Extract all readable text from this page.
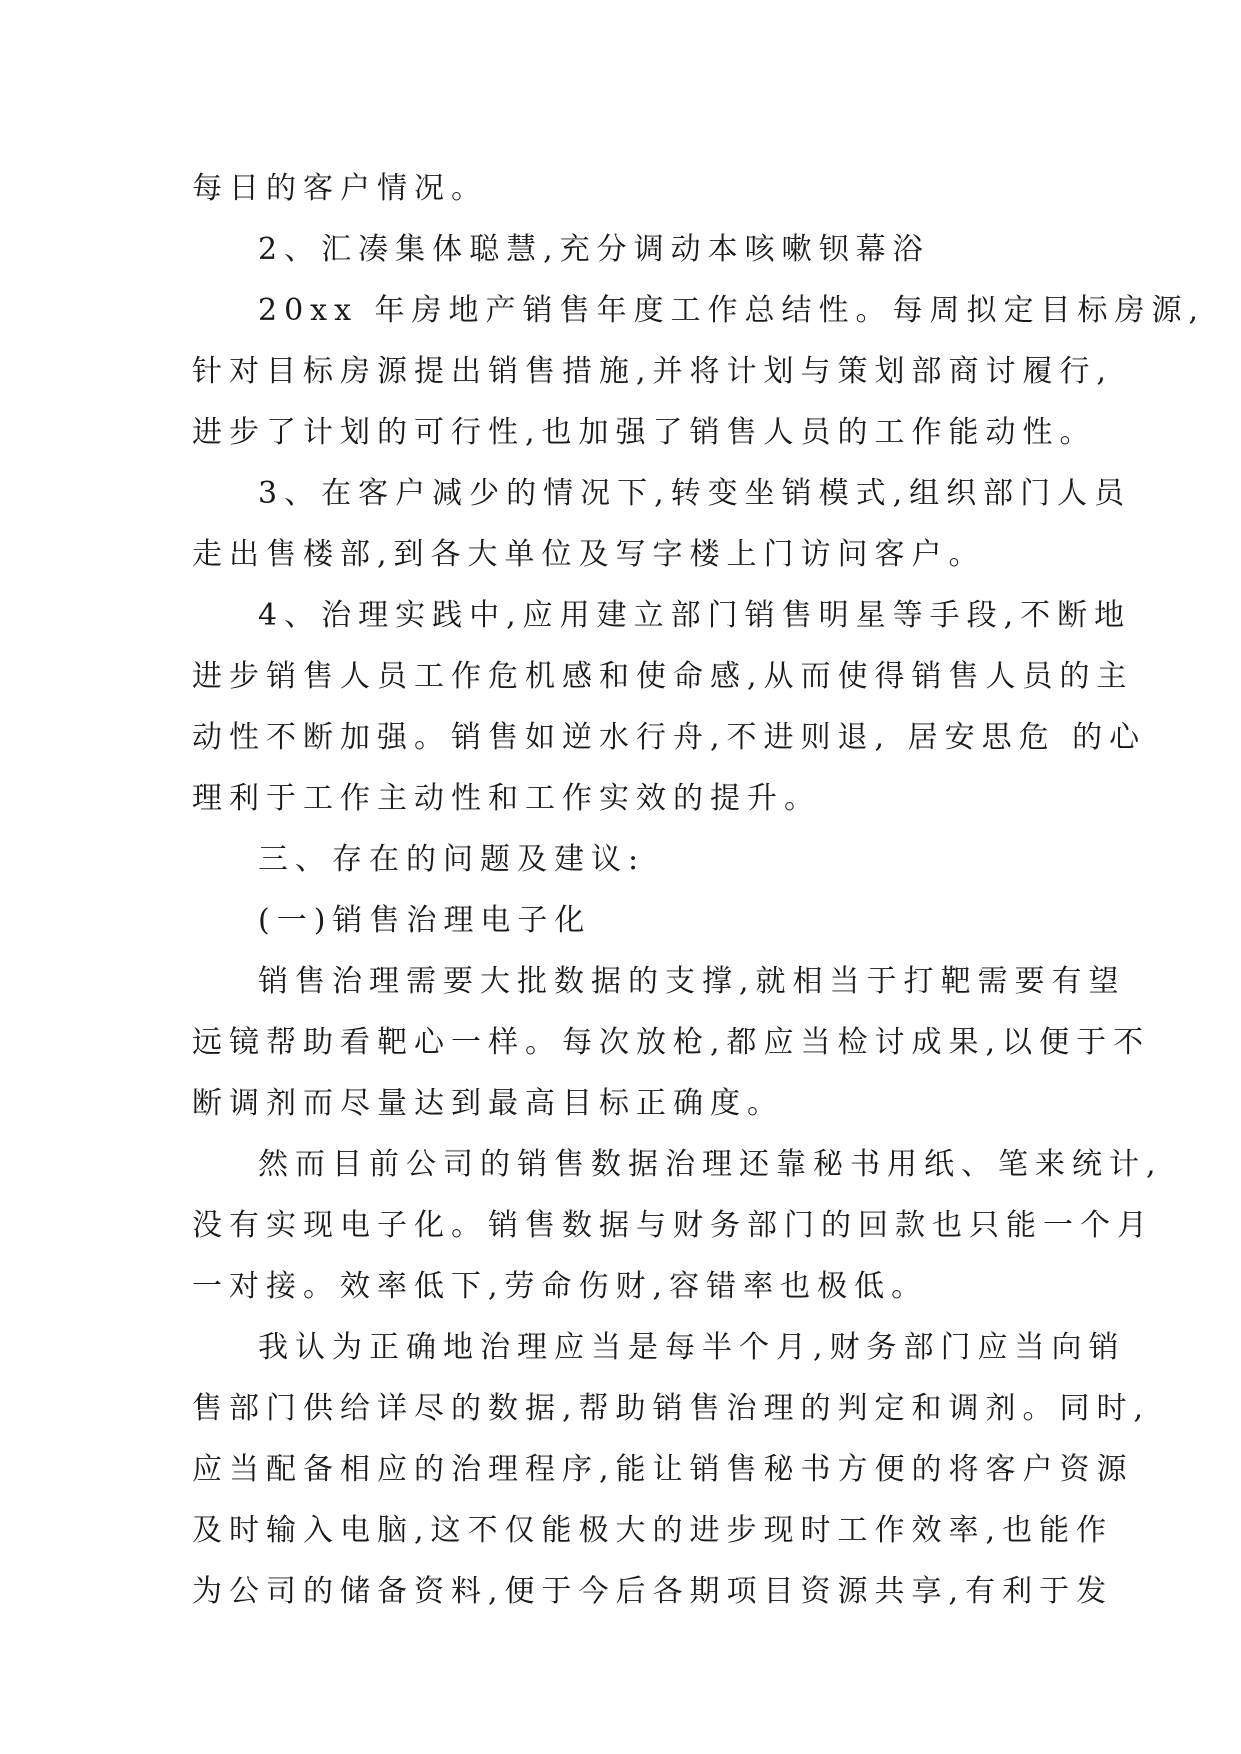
每日的客户情况。
2、汇凑集体聪慧,充分调动本咳嗽钡幕浴
20xx 年房地产销售年度工作总结性。每周拟定目标房源,
针对目标房源提出销售措施,并将计划与策划部商讨履行,
进步了计划的可行性,也加强了销售人员的工作能动性。
3、在客户减少的情况下,转变坐销模式,组织部门人员
走出售楼部,到各大单位及写字楼上门访问客户。
4、治理实践中,应用建立部门销售明星等手段,不断地
进步销售人员工作危机感和使命感,从而使得销售人员的主
动性不断加强。销售如逆水行舟,不进则退, 居安思危 的心
理利于工作主动性和工作实效的提升。
三、存在的问题及建议:
(一)销售治理电子化
销售治理需要大批数据的支撑,就相当于打靶需要有望
远镜帮助看靶心一样。每次放枪,都应当检讨成果,以便于不
断调剂而尽量达到最高目标正确度。
然而目前公司的销售数据治理还靠秘书用纸、笔来统计,
没有实现电子化。销售数据与财务部门的回款也只能一个月
一对接。效率低下,劳命伤财,容错率也极低。
我认为正确地治理应当是每半个月,财务部门应当向销
售部门供给详尽的数据,帮助销售治理的判定和调剂。同时,
应当配备相应的治理程序,能让销售秘书方便的将客户资源
及时输入电脑,这不仅能极大的进步现时工作效率,也能作
为公司的储备资料,便于今后各期项目资源共享,有利于发
